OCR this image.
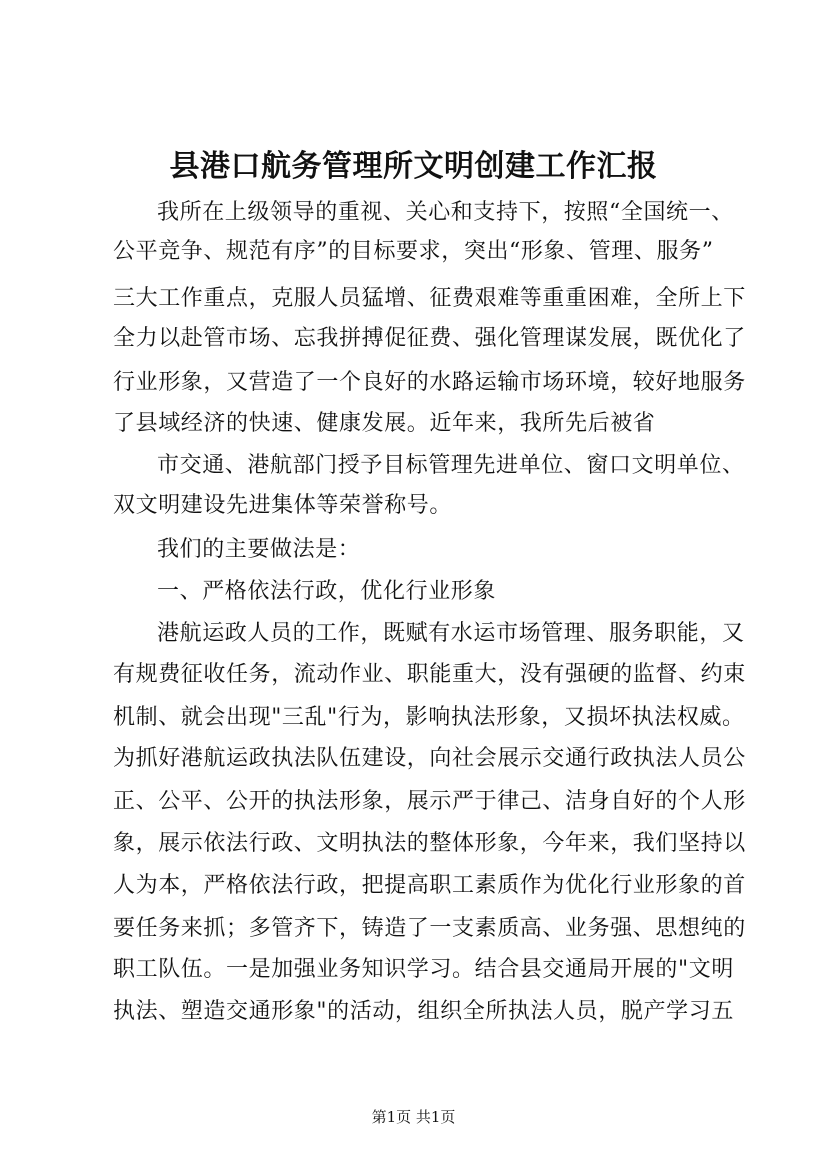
县港口航务管理所文明创建工作汇报
我所在上级领导的重视、关心和支持下，按照“全国统一、
公平竞争、规范有序”的目标要求，突出“形象、管理、服务”
三大工作重点，克服人员猛增、征费艰难等重重困难，全所上下
全力以赴管市场、忘我拼搏促征费、强化管理谋发展，既优化了
行业形象，又营造了一个良好的水路运输市场环境，较好地服务
了县域经济的快速、健康发展。近年来，我所先后被省
市交通、港航部门授予目标管理先进单位、窗口文明单位、
双文明建设先进集体等荣誉称号。
我们的主要做法是：
一、严格依法行政，优化行业形象
港航运政人员的工作，既赋有水运市场管理、服务职能，又
有规费征收任务，流动作业、职能重大，没有强硬的监督、约束
机制、就会出现"三乱"行为，影响执法形象，又损坏执法权威。
为抓好港航运政执法队伍建设，向社会展示交通行政执法人员公
正、公平、公开的执法形象，展示严于律己、洁身自好的个人形
象，展示依法行政、文明执法的整体形象，今年来，我们坚持以
人为本，严格依法行政，把提高职工素质作为优化行业形象的首
要任务来抓；多管齐下，铸造了一支素质高、业务强、思想纯的
职工队伍。一是加强业务知识学习。结合县交通局开展的"文明
执法、塑造交通形象"的活动，组织全所执法人员，脱产学习五
第1页 共1页
